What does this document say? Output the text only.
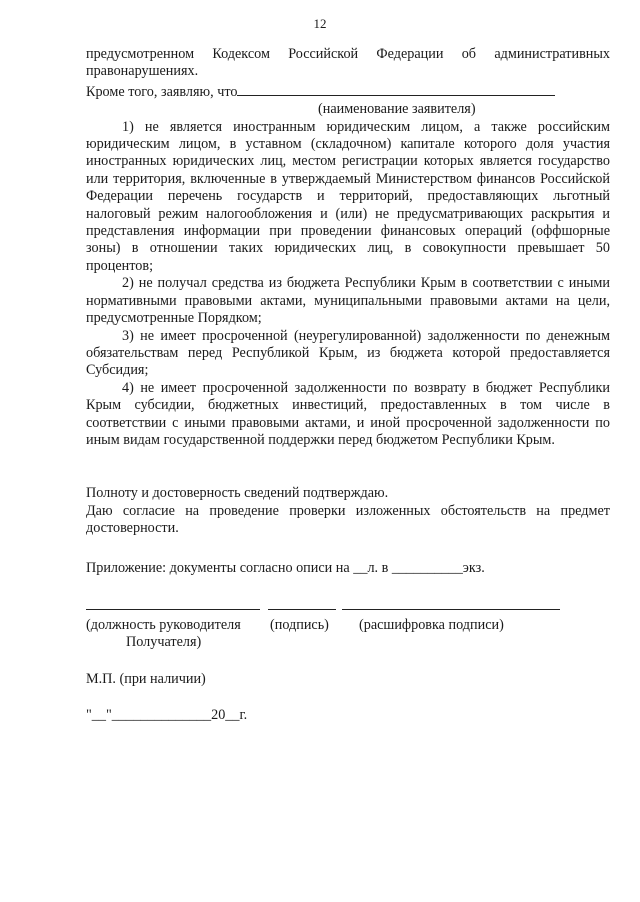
12

предусмотренном Кодексом Российской Федерации об административных правонарушениях.

Кроме того, заявляю, что

(наименование заявителя)

1) не является иностранным юридическим лицом, а также российским юридическим лицом, в уставном (складочном) капитале которого доля участия иностранных юридических лиц, местом регистрации которых является государство или территория, включенные в утверждаемый Министерством финансов Российской Федерации перечень государств и территорий, предоставляющих льготный налоговый режим налогообложения и (или) не предусматривающих раскрытия и представления информации при проведении финансовых операций (оффшорные зоны) в отношении таких юридических лиц, в совокупности превышает 50 процентов;

2) не получал средства из бюджета Республики Крым в соответствии с иными нормативными правовыми актами, муниципальными правовыми актами на цели, предусмотренные Порядком;

3) не имеет просроченной (неурегулированной) задолженности по денежным обязательствам перед Республикой Крым, из бюджета которой предоставляется Субсидия;

4) не имеет просроченной задолженности по возврату в бюджет Республики Крым субсидии, бюджетных инвестиций, предоставленных в том числе в соответствии с иными правовыми актами, и иной просроченной задолженности по иным видам государственной поддержки перед бюджетом Республики Крым.

Полноту и достоверность сведений подтверждаю.

Даю согласие на проведение проверки изложенных обстоятельств на предмет достоверности.

Приложение: документы согласно описи на __л. в __________экз.

(должность руководителя (подпись) (расшифровка подписи)

Получателя)

М.П. (при наличии)

"__"______________20__г.
